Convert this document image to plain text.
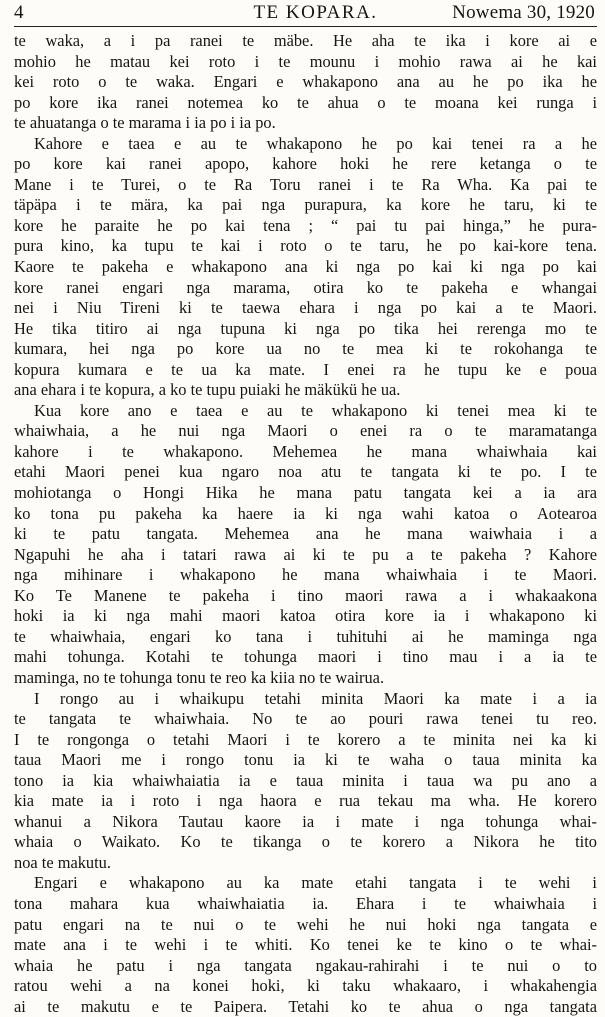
4	TE KOPARA.	Nowema 30, 1920
te waka, a i pa ranei te mäbe. He aha te ika i kore ai e
mohio he matau kei roto i te mounu i mohio rawa ai he kai
kei roto o te waka. Engari e whakapono ana au he po ika he
po kore ika ranei notemea ko te ahua o te moana kei runga i
te ahuatanga o te marama i ia po i ia po.
Kahore e taea e au te whakapono he po kai tenei ra a he
po kore kai ranei apopo, kahore hoki he rere ketanga o te
Mane i te Turei, o te Ra Toru ranei i te Ra Wha. Ka pai te
täpäpa i te mära, ka pai nga purapura, ka kore he taru, ki te
kore he paraite he po kai tena ; “ pai tu pai hinga,” he pura-
pura kino, ka tupu te kai i roto o te taru, he po kai-kore tena.
Kaore te pakeha e whakapono ana ki nga po kai ki nga po kai
kore ranei engari nga marama, otira ko te pakeha e whangai
nei i Niu Tireni ki te taewa ehara i nga po kai a te Maori.
He tika titiro ai nga tupuna ki nga po tika hei rerenga mo te
kumara, hei nga po kore ua no te mea ki te rokohanga te
kopura kumara e te ua ka mate. I enei ra he tupu ke e poua
ana ehara i te kopura, a ko te tupu puiaki he mäkükü he ua.
Kua kore ano e taea e au te whakapono ki tenei mea ki te
whaiwhaia, a he nui nga Maori o enei ra o te maramatanga
kahore i te whakapono. Mehemea he mana whaiwhaia kai
etahi Maori penei kua ngaro noa atu te tangata ki te po. I te
mohiotanga o Hongi Hika he mana patu tangata kei a ia ara
ko tona pu pakeha ka haere ia ki nga wahi katoa o Aotearoa
ki te patu tangata. Mehemea ana he mana waiwhaia i a
Ngapuhi he aha i tatari rawa ai ki te pu a te pakeha ? Kahore
nga mihinare i whakapono he mana whaiwhaia i te Maori.
Ko Te Manene te pakeha i tino maori rawa a i whakaakona
hoki ia ki nga mahi maori katoa otira kore ia i whakapono ki
te whaiwhaia, engari ko tana i tuhituhi ai he maminga nga
mahi tohunga. Kotahi te tohunga maori i tino mau i a ia te
maminga, no te tohunga tonu te reo ka kiia no te wairua.
I rongo au i whaikupu tetahi minita Maori ka mate i a ia
te tangata te whaiwhaia. No te ao pouri rawa tenei tu reo.
I te rongonga o tetahi Maori i te korero a te minita nei ka ki
taua Maori me i rongo tonu ia ki te waha o taua minita ka
tono ia kia whaiwhaiatia ia e taua minita i taua wa pu ano a
kia mate ia i roto i nga haora e rua tekau ma wha. He korero
whanui a Nikora Tautau kaore ia i mate i nga tohunga whai-
whaia o Waikato. Ko te tikanga o te korero a Nikora he tito
noa te makutu.
Engari e whakapono au ka mate etahi tangata i te wehi i
tona mahara kua whaiwhaiatia ia. Ehara i te whaiwhaia i
patu engari na te nui o te wehi he nui hoki nga tangata e
mate ana i te wehi i te whiti. Ko tenei ke te kino o te whai-
whaia he patu i nga tangata ngakau-rahirahi i te nui o to
ratou wehi a na konei hoki, ki taku whakaaro, i whakahengia
ai te makutu e te Paipera. Tetahi ko te ahua o nga tangata
